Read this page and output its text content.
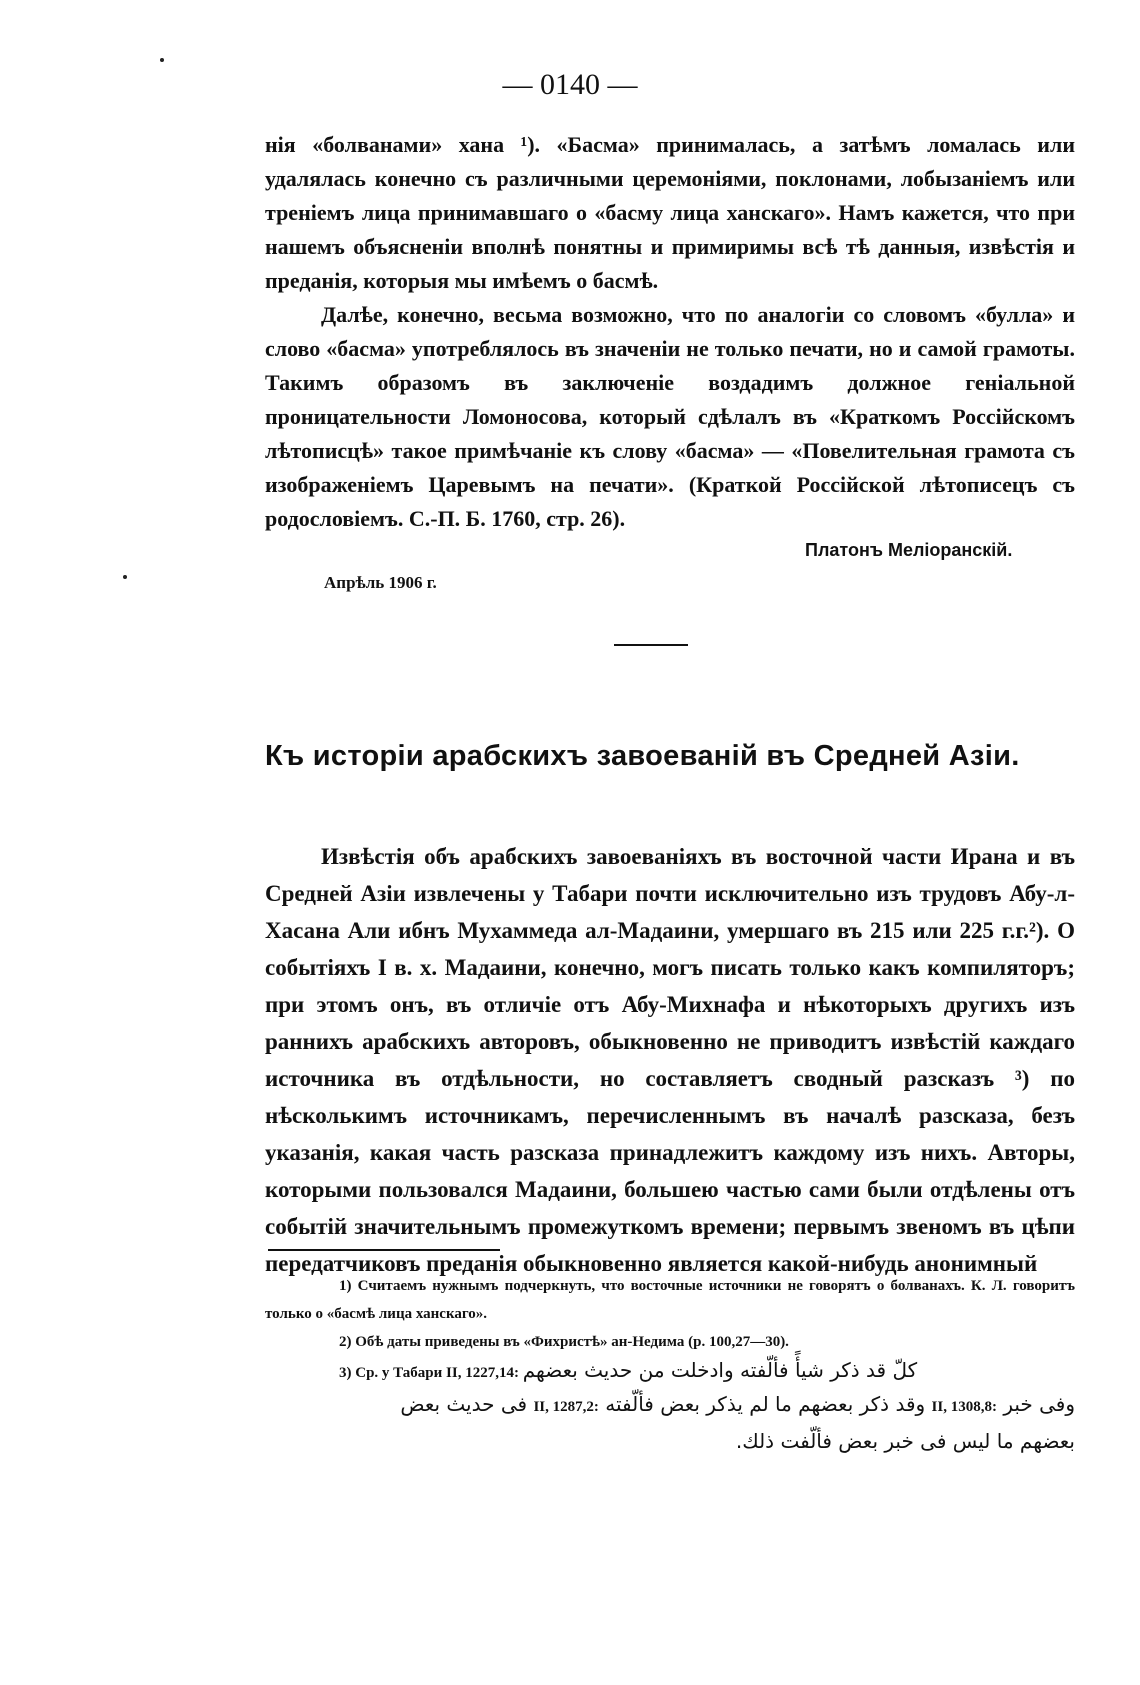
— 0140 —

нія «болванами» хана ¹). «Басма» принималась, а затѣмъ ломалась или удалялась конечно съ различными церемоніями, поклонами, лобызаніемъ или треніемъ лица принимавшаго о «басму лица ханскаго». Намъ кажется, что при нашемъ объясненіи вполнѣ понятны и примиримы всѣ тѣ данныя, извѣстія и преданія, которыя мы имѣемъ о басмѣ.

Далѣе, конечно, весьма возможно, что по аналогіи со словомъ «булла» и слово «басма» употреблялось въ значеніи не только печати, но и самой грамоты. Такимъ образомъ въ заключеніе воздадимъ должное геніальной проницательности Ломоносова, который сдѣлалъ въ «Краткомъ Россійскомъ лѣтописцѣ» такое примѣчаніе къ слову «басма» — «Повелительная грамота съ изображеніемъ Царевымъ на печати». (Краткой Россійской лѣтописецъ съ родословіемъ. С.-П. Б. 1760, стр. 26).

Платонъ Меліоранскій.
Апрѣль 1906 г.
Къ исторіи арабскихъ завоеваній въ Средней Азіи.

Извѣстія объ арабскихъ завоеваніяхъ въ восточной части Ирана и въ Средней Азіи извлечены у Табари почти исключительно изъ трудовъ Абу-л-Хасана Али ибнъ Мухаммеда ал-Мадаини, умершаго въ 215 или 225 г.г.²). О событіяхъ I в. х. Мадаини, конечно, могъ писать только какъ компиляторъ; при этомъ онъ, въ отличіе отъ Абу-Михнафа и нѣкоторыхъ другихъ изъ раннихъ арабскихъ авторовъ, обыкновенно не приводитъ извѣстій каждаго источника въ отдѣльности, но составляетъ сводный разсказъ ³) по нѣсколькимъ источникамъ, перечисленнымъ въ началѣ разсказа, безъ указанія, какая часть разсказа принадлежитъ каждому изъ нихъ. Авторы, которыми пользовался Мадаини, большею частью сами были отдѣлены отъ событій значительнымъ промежуткомъ времени; первымъ звеномъ въ цѣпи передатчиковъ преданія обыкновенно является какой-нибудь анонимный

1) Считаемъ нужнымъ подчеркнуть, что восточные источники не говорятъ о болванахъ. К. Л. говоритъ только о «басмѣ лица ханскаго».
2) Обѣ даты приведены въ «Фихристѣ» ан-Недима (р. 100,27—30).
3) Ср. у Табари II, 1227,14: كلّ قد ذكر شيأً فألّفته وادخلت من حديث بعضهم
وفى خبر II, 1308,8: وقد ذكر بعضهم ما لم يذكر بعض فألّفته II, 1287,2: فى حديث بعض
بعضهم ما ليس فى خبر بعض فألّفت ذلك.
